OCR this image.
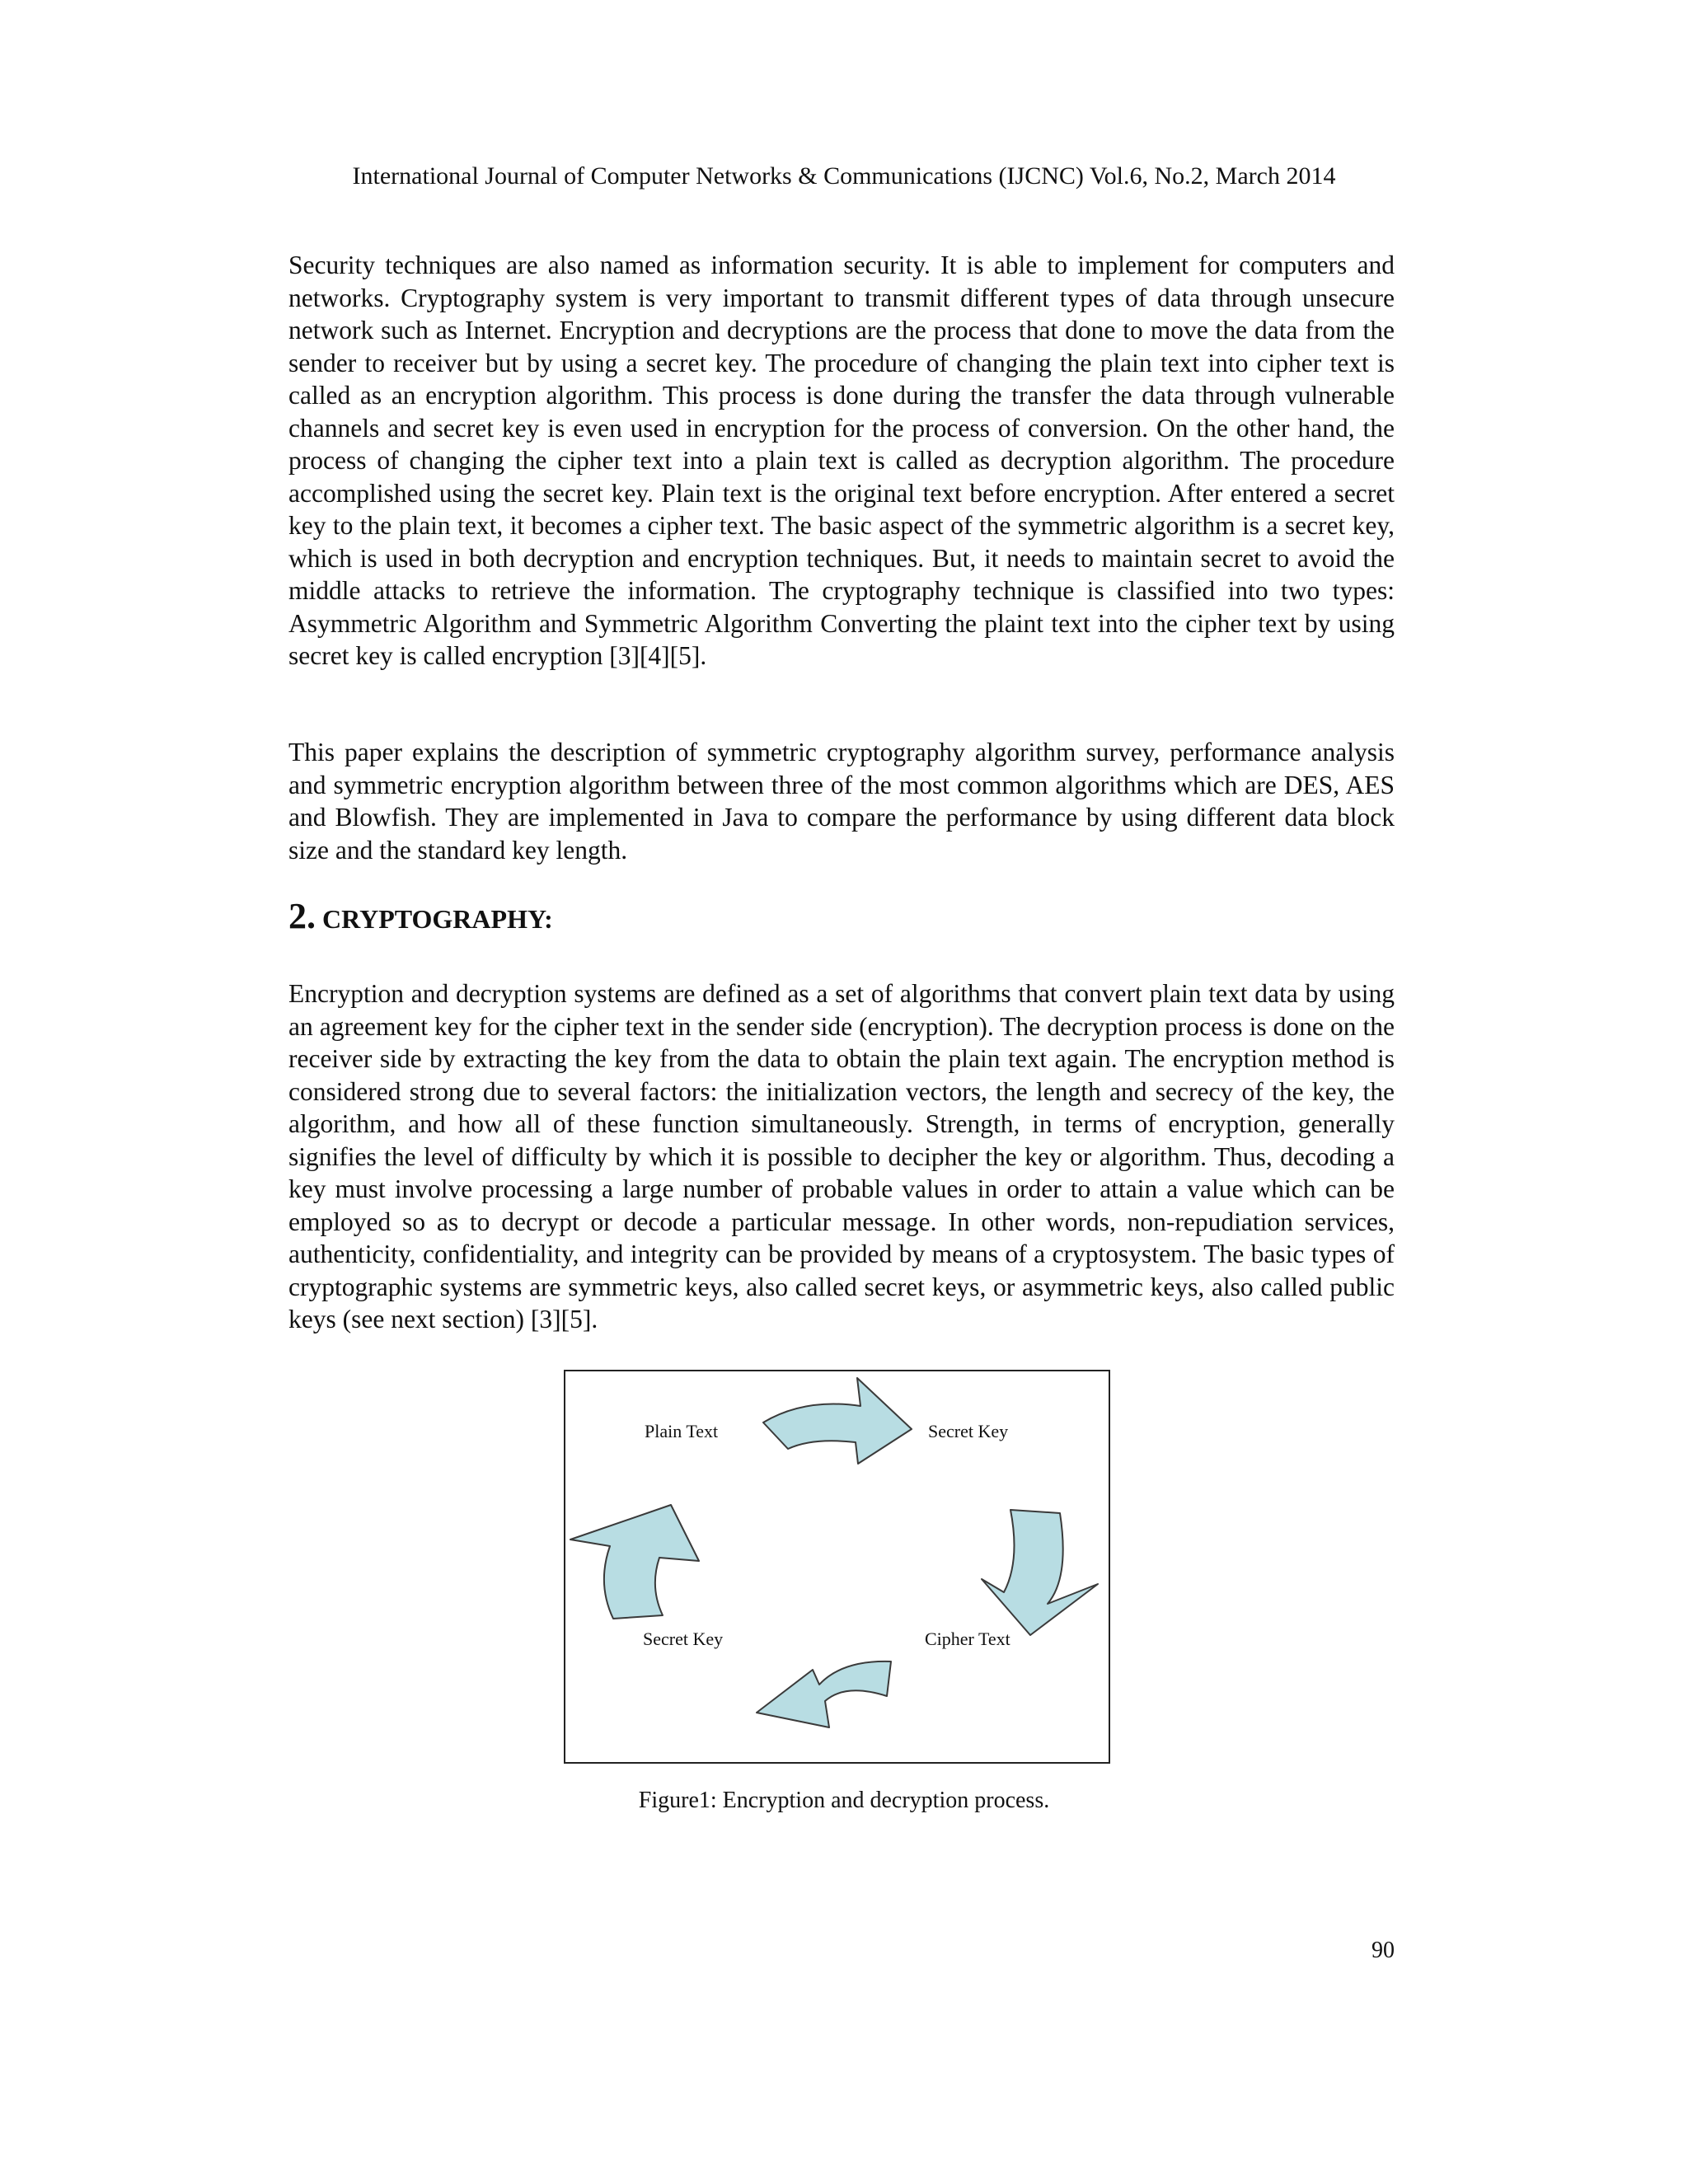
International Journal of Computer Networks & Communications (IJCNC) Vol.6, No.2, March 2014

Security techniques are also named as information security. It is able to implement for computers and networks. Cryptography system is very important to transmit different types of data through unsecure network such as Internet. Encryption and decryptions are the process that done to move the data from the sender to receiver but by using a secret key. The procedure of changing the plain text into cipher text is called as an encryption algorithm. This process is done during the transfer the data through vulnerable channels and secret key is even used in encryption for the process of conversion. On the other hand, the process of changing the cipher text into a plain text is called as decryption algorithm. The procedure accomplished using the secret key. Plain text is the original text before encryption. After entered a secret key to the plain text, it becomes a cipher text. The basic aspect of the symmetric algorithm is a secret key, which is used in both decryption and encryption techniques. But, it needs to maintain secret to avoid the middle attacks to retrieve the information. The cryptography technique is classified into two types: Asymmetric Algorithm and Symmetric Algorithm Converting the plaint text into the cipher text by using secret key is called encryption [3][4][5].

This paper explains the description of symmetric cryptography algorithm survey, performance analysis and symmetric encryption algorithm between three of the most common algorithms which are DES, AES and Blowfish. They are implemented in Java to compare the performance by using different data block size and the standard key length.

2. CRYPTOGRAPHY:

Encryption and decryption systems are defined as a set of algorithms that convert plain text data by using an agreement key for the cipher text in the sender side (encryption). The decryption process is done on the receiver side by extracting the key from the data to obtain the plain text again. The encryption method is considered strong due to several factors: the initialization vectors, the length and secrecy of the key, the algorithm, and how all of these function simultaneously. Strength, in terms of encryption, generally signifies the level of difficulty by which it is possible to decipher the key or algorithm. Thus, decoding a key must involve processing a large number of probable values in order to attain a value which can be employed so as to decrypt or decode a particular message. In other words, non-repudiation services, authenticity, confidentiality, and integrity can be provided by means of a cryptosystem. The basic types of cryptographic systems are symmetric keys, also called secret keys, or asymmetric keys, also called public keys (see next section) [3][5].

Plain Text	Secret Key
Cipher Text
Secret Key
Figure1: Encryption and decryption process.
90
